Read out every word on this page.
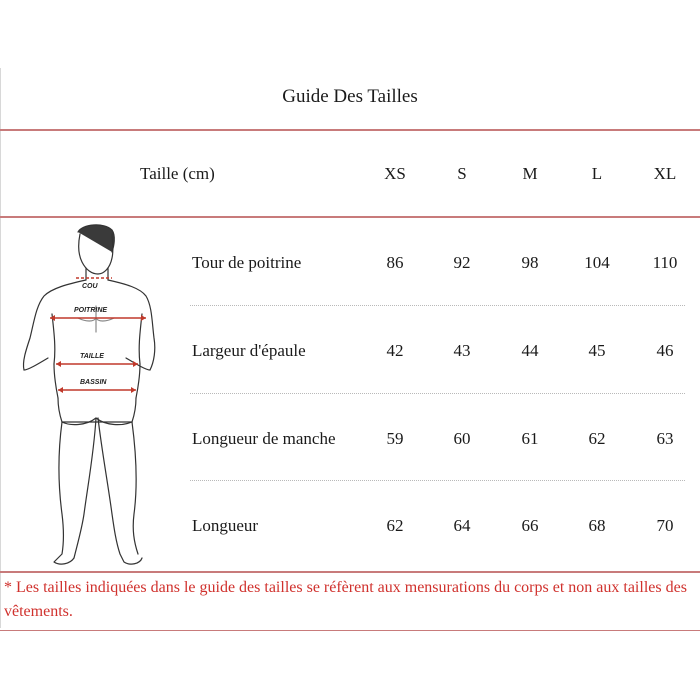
Guide Des Tailles
Taille (cm)	XS	S	M	L	XL
Tour de poitrine	86	92	98	104	110
Largeur d'épaule	42	43	44	45	46
Longueur de manche	59	60	61	62	63
Longueur	62	64	66	68	70
COU
POITRINE
TAILLE
BASSIN
* Les tailles indiquées dans le guide des tailles se réfèrent aux mensurations du corps et non aux tailles des vêtements.
